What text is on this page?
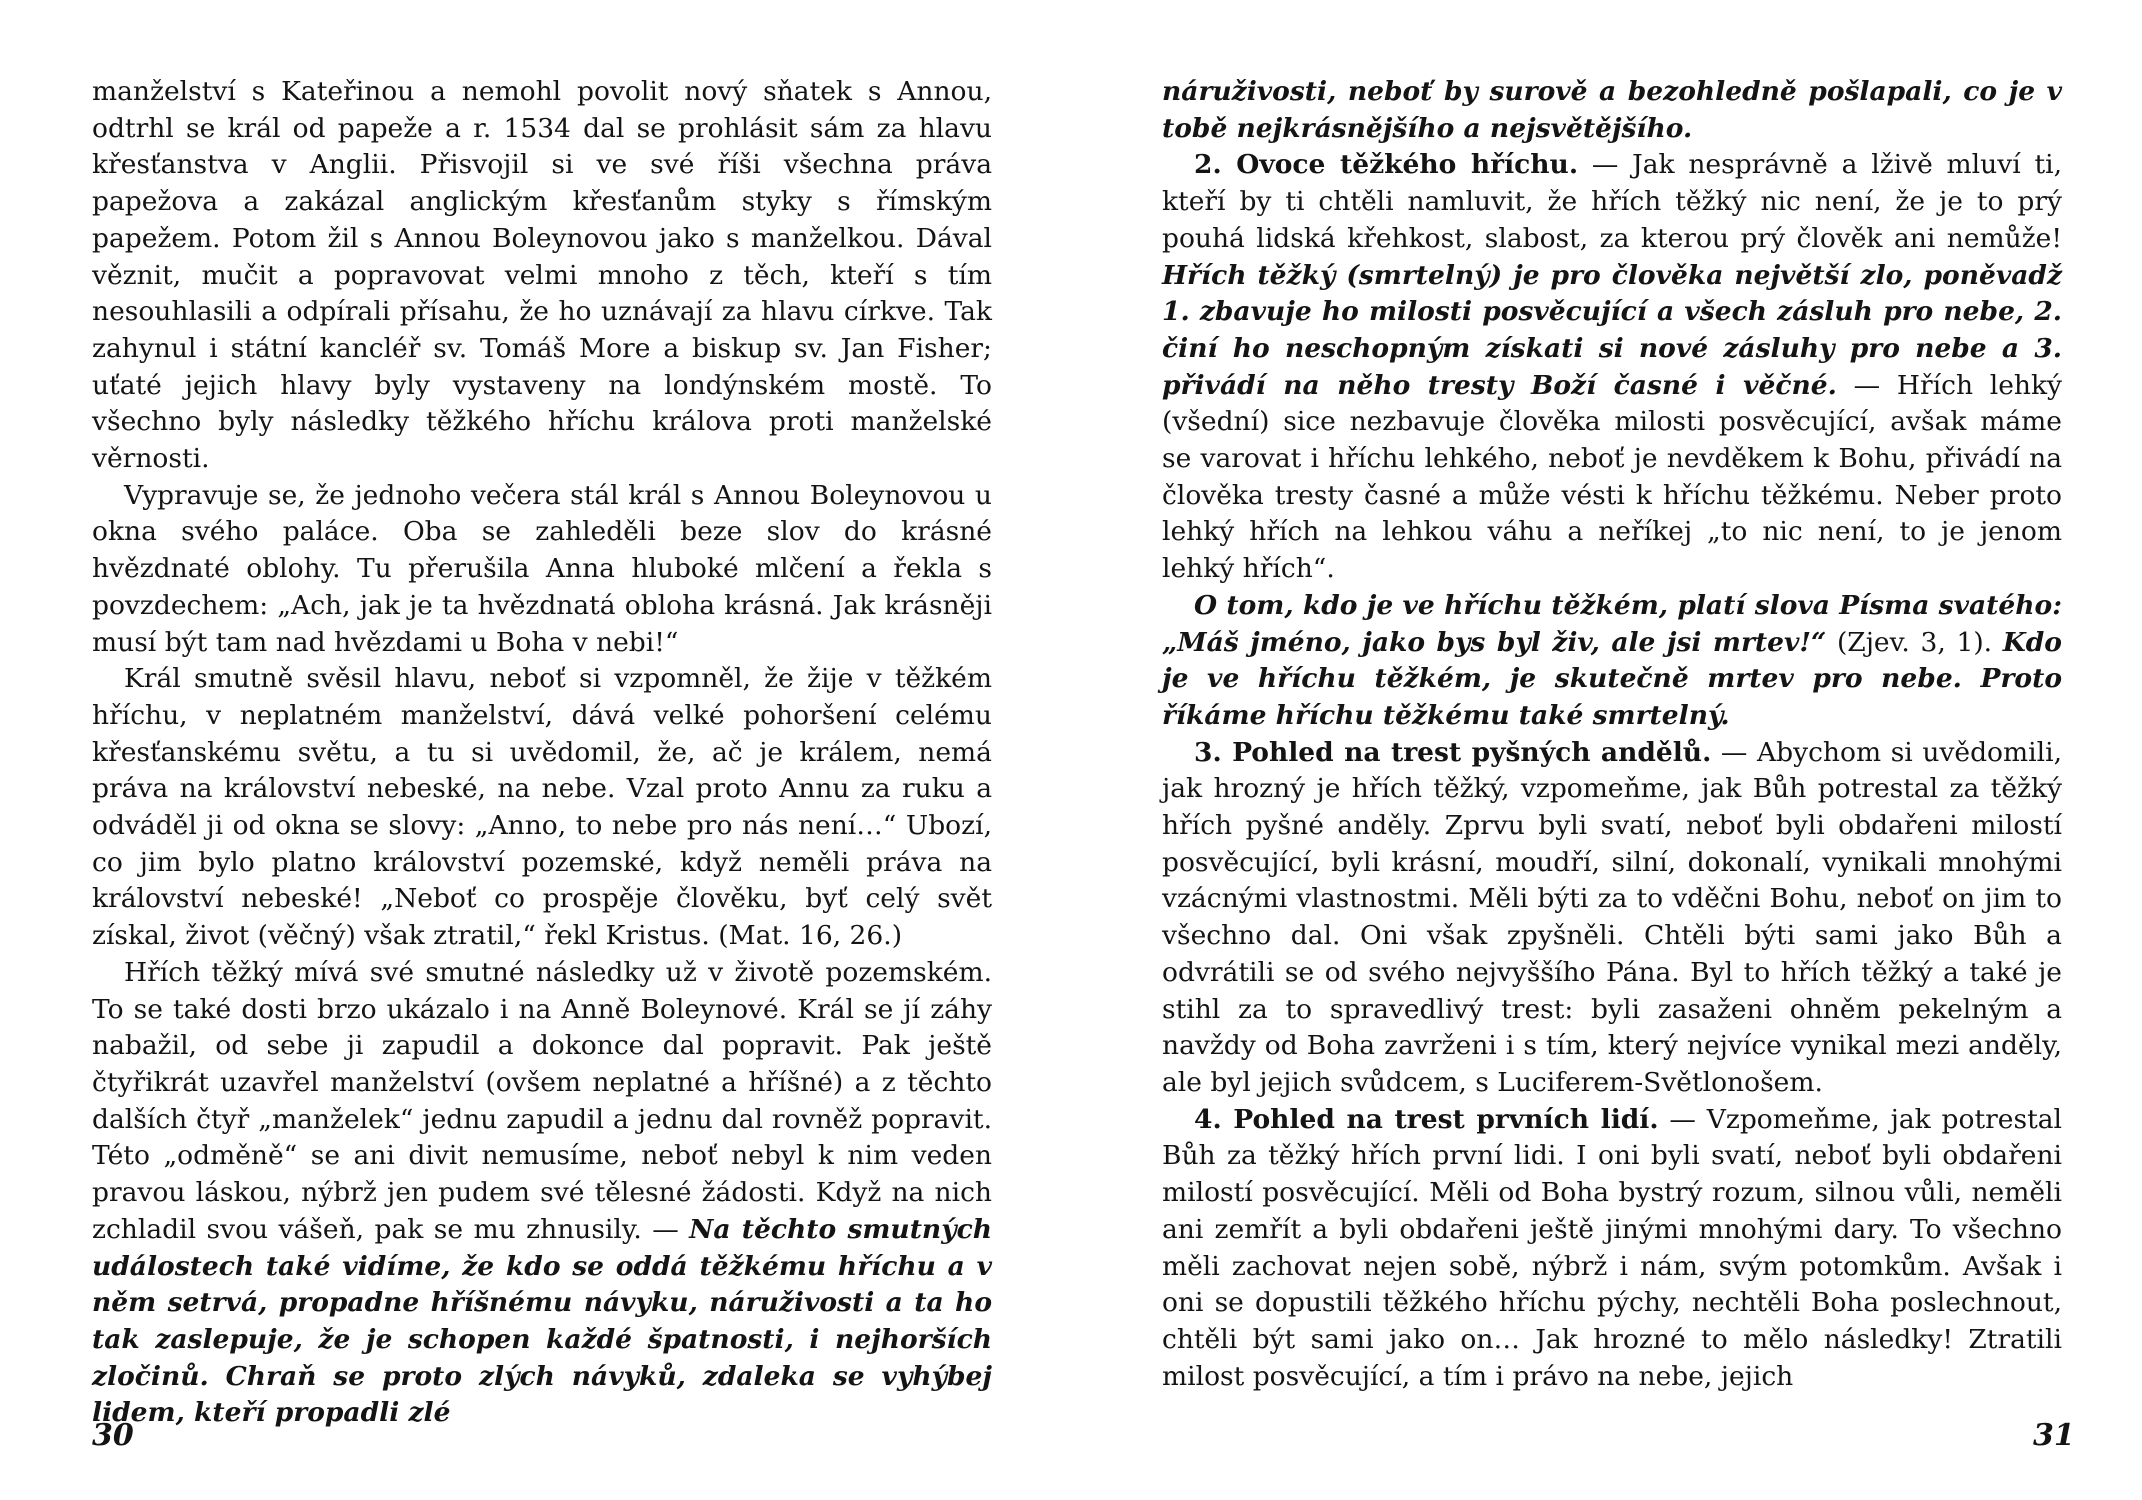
manželství s Kateřinou a nemohl povolit nový sňatek s Annou, odtrhl se král od papeže a r. 1534 dal se prohlásit sám za hlavu křesťanstva v Anglii. Přisvojil si ve své říši všechna práva papežova a zakázal anglickým křesťanům styky s římským papežem. Potom žil s Annou Boleynovou jako s manželkou. Dával věznit, mučit a popravovat velmi mnoho z těch, kteří s tím nesouhlasili a odpírali přísahu, že ho uznávají za hlavu církve. Tak zahynul i státní kancléř sv. Tomáš More a biskup sv. Jan Fisher; uťaté jejich hlavy byly vystaveny na londýnském mostě. To všechno byly následky těžkého hříchu králova proti manželské věrnosti.

Vypravuje se, že jednoho večera stál král s Annou Boleynovou u okna svého paláce. Oba se zahleděli beze slov do krásné hvězdnaté oblohy. Tu přerušila Anna hluboké mlčení a řekla s povzdechem: „Ach, jak je ta hvězdnatá obloha krásná. Jak krásněji musí být tam nad hvězdami u Boha v nebi!“

Král smutně svěsil hlavu, neboť si vzpomněl, že žije v těžkém hříchu, v neplatném manželství, dává velké pohoršení celému křesťanskému světu, a tu si uvědomil, že, ač je králem, nemá práva na království nebeské, na nebe. Vzal proto Annu za ruku a odváděl ji od okna se slovy: „Anno, to nebe pro nás není…“ Ubozí, co jim bylo platno království pozemské, když neměli práva na království nebeské! „Neboť co prospěje člověku, byť celý svět získal, život (věčný) však ztratil,“ řekl Kristus. (Mat. 16, 26.)

Hřích těžký mívá své smutné následky už v životě pozemském. To se také dosti brzo ukázalo i na Anně Boleynové. Král se jí záhy nabažil, od sebe ji zapudil a dokonce dal popravit. Pak ještě čtyřikrát uzavřel manželství (ovšem neplatné a hříšné) a z těchto dalších čtyř „manželek“ jednu zapudil a jednu dal rovněž popravit. Této „odměně“ se ani divit nemusíme, neboť nebyl k nim veden pravou láskou, nýbrž jen pudem své tělesné žádosti. Když na nich zchladil svou vášeň, pak se mu zhnusily. — Na těchto smutných událostech také vidíme, že kdo se oddá těžkému hříchu a v něm setrvá, propadne hříšnému návyku, náruživosti a ta ho tak zaslepuje, že je schopen každé špatnosti, i nejhorších zločinů. Chraň se proto zlých návyků, zdaleka se vyhýbej lidem, kteří propadli zlé

30

náruživosti, neboť by surově a bezohledně pošlapali, co je v tobě nejkrásnějšího a nejsvětějšího.

2. Ovoce těžkého hříchu. — Jak nesprávně a lživě mluví ti, kteří by ti chtěli namluvit, že hřích těžký nic není, že je to prý pouhá lidská křehkost, slabost, za kterou prý člověk ani nemůže! Hřích těžký (smrtelný) je pro člověka největší zlo, poněvadž 1. zbavuje ho milosti posvěcující a všech zásluh pro nebe, 2. činí ho neschopným získati si nové zásluhy pro nebe a 3. přivádí na něho tresty Boží časné i věčné. — Hřích lehký (všední) sice nezbavuje člověka milosti posvěcující, avšak máme se varovat i hříchu lehkého, neboť je nevděkem k Bohu, přivádí na člověka tresty časné a může vésti k hříchu těžkému. Neber proto lehký hřích na lehkou váhu a neříkej „to nic není, to je jenom lehký hřích“.

O tom, kdo je ve hříchu těžkém, platí slova Písma svatého: „Máš jméno, jako bys byl živ, ale jsi mrtev!“ (Zjev. 3, 1). Kdo je ve hříchu těžkém, je skutečně mrtev pro nebe. Proto říkáme hříchu těžkému také smrtelný.

3. Pohled na trest pyšných andělů. — Abychom si uvědomili, jak hrozný je hřích těžký, vzpomeňme, jak Bůh potrestal za těžký hřích pyšné anděly. Zprvu byli svatí, neboť byli obdařeni milostí posvěcující, byli krásní, moudří, silní, dokonalí, vynikali mnohými vzácnými vlastnostmi. Měli býti za to vděčni Bohu, neboť on jim to všechno dal. Oni však zpyšněli. Chtěli býti sami jako Bůh a odvrátili se od svého nejvyššího Pána. Byl to hřích těžký a také je stihl za to spravedlivý trest: byli zasaženi ohněm pekelným a navždy od Boha zavrženi i s tím, který nejvíce vynikal mezi anděly, ale byl jejich svůdcem, s Luciferem-Světlonošem.

4. Pohled na trest prvních lidí. — Vzpomeňme, jak potrestal Bůh za těžký hřích první lidi. I oni byli svatí, neboť byli obdařeni milostí posvěcující. Měli od Boha bystrý rozum, silnou vůli, neměli ani zemřít a byli obdařeni ještě jinými mnohými dary. To všechno měli zachovat nejen sobě, nýbrž i nám, svým potomkům. Avšak i oni se dopustili těžkého hříchu pýchy, nechtěli Boha poslechnout, chtěli být sami jako on… Jak hrozné to mělo následky! Ztratili milost posvěcující, a tím i právo na nebe, jejich

31
